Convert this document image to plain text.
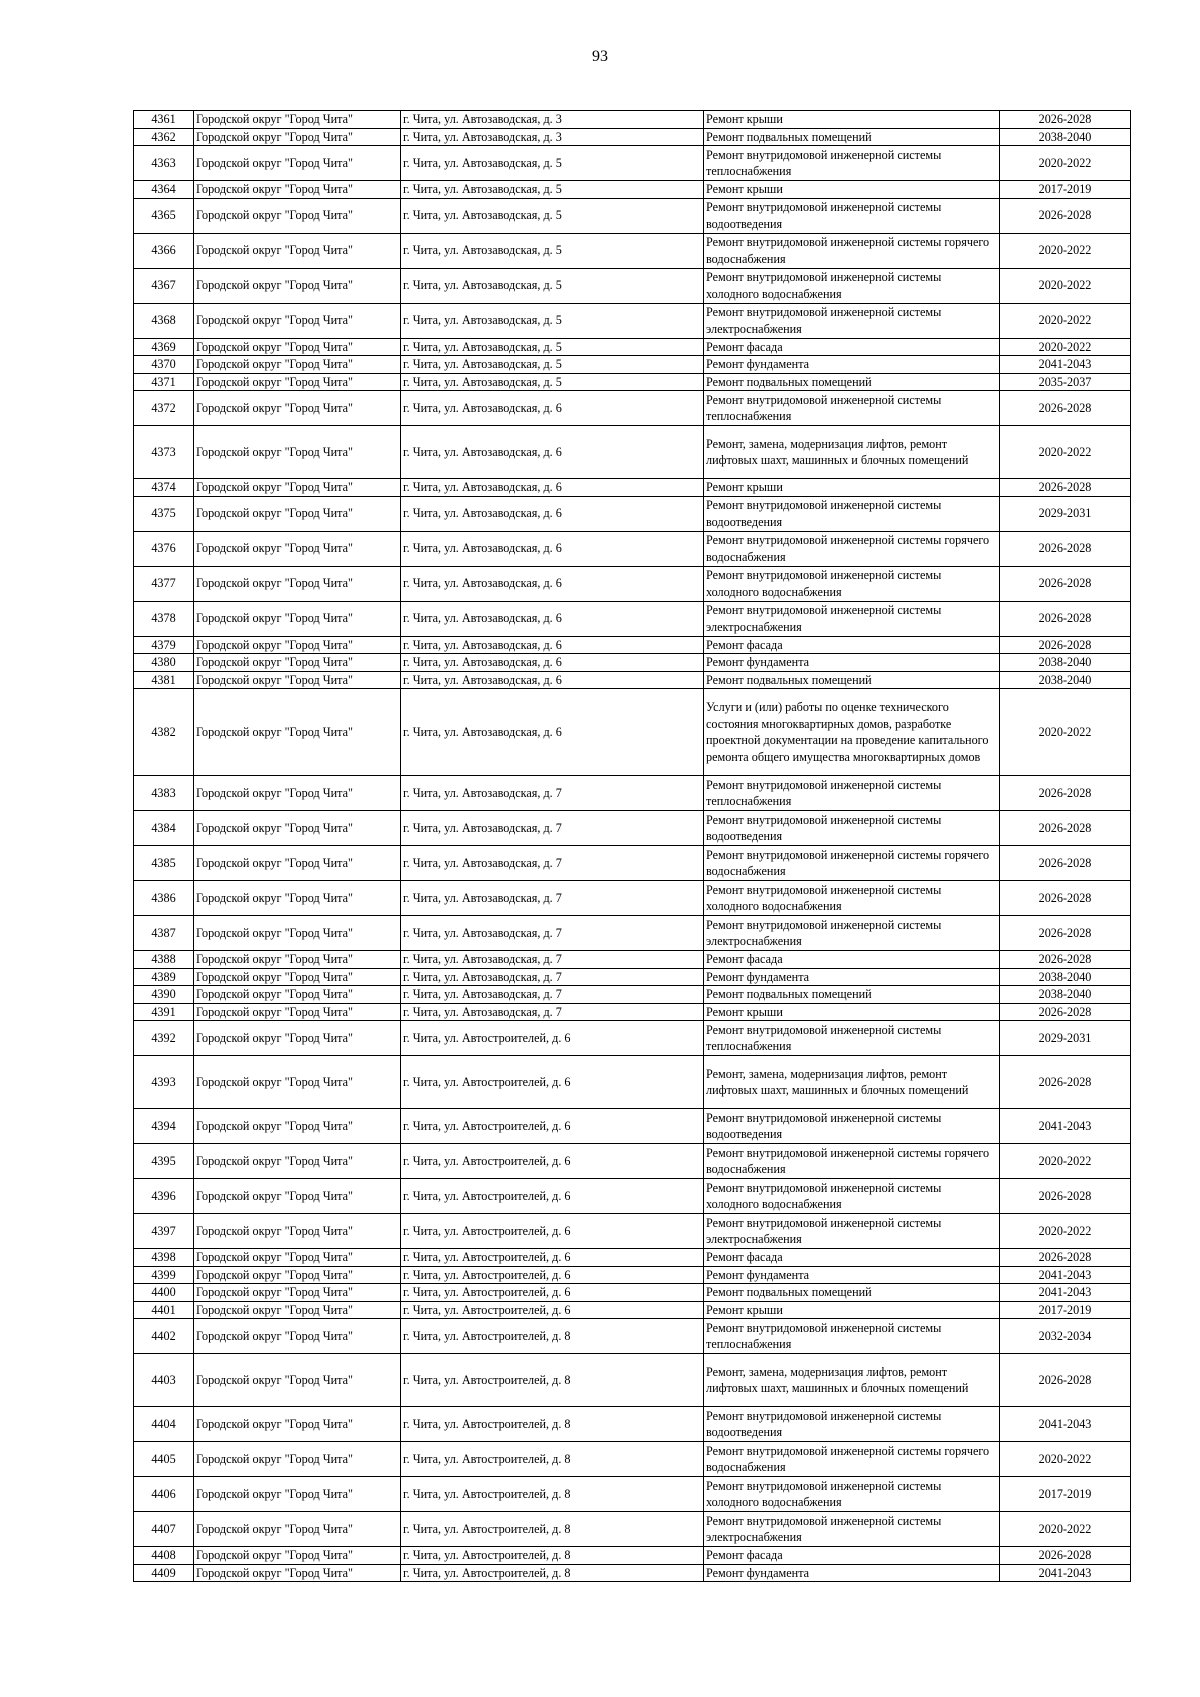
93
4361	Городской округ "Город Чита"	г. Чита, ул. Автозаводская, д. 3	Ремонт крыши	2026-2028
4362	Городской округ "Город Чита"	г. Чита, ул. Автозаводская, д. 3	Ремонт подвальных помещений	2038-2040
4363	Городской округ "Город Чита"	г. Чита, ул. Автозаводская, д. 5	Ремонт внутридомовой инженерной системы теплоснабжения	2020-2022
4364	Городской округ "Город Чита"	г. Чита, ул. Автозаводская, д. 5	Ремонт крыши	2017-2019
4365	Городской округ "Город Чита"	г. Чита, ул. Автозаводская, д. 5	Ремонт внутридомовой инженерной системы водоотведения	2026-2028
4366	Городской округ "Город Чита"	г. Чита, ул. Автозаводская, д. 5	Ремонт внутридомовой инженерной системы горячего водоснабжения	2020-2022
4367	Городской округ "Город Чита"	г. Чита, ул. Автозаводская, д. 5	Ремонт внутридомовой инженерной системы холодного водоснабжения	2020-2022
4368	Городской округ "Город Чита"	г. Чита, ул. Автозаводская, д. 5	Ремонт внутридомовой инженерной системы электроснабжения	2020-2022
4369	Городской округ "Город Чита"	г. Чита, ул. Автозаводская, д. 5	Ремонт фасада	2020-2022
4370	Городской округ "Город Чита"	г. Чита, ул. Автозаводская, д. 5	Ремонт фундамента	2041-2043
4371	Городской округ "Город Чита"	г. Чита, ул. Автозаводская, д. 5	Ремонт подвальных помещений	2035-2037
4372	Городской округ "Город Чита"	г. Чита, ул. Автозаводская, д. 6	Ремонт внутридомовой инженерной системы теплоснабжения	2026-2028
4373	Городской округ "Город Чита"	г. Чита, ул. Автозаводская, д. 6	Ремонт, замена, модернизация лифтов, ремонт лифтовых шахт, машинных и блочных помещений	2020-2022
4374	Городской округ "Город Чита"	г. Чита, ул. Автозаводская, д. 6	Ремонт крыши	2026-2028
4375	Городской округ "Город Чита"	г. Чита, ул. Автозаводская, д. 6	Ремонт внутридомовой инженерной системы водоотведения	2029-2031
4376	Городской округ "Город Чита"	г. Чита, ул. Автозаводская, д. 6	Ремонт внутридомовой инженерной системы горячего водоснабжения	2026-2028
4377	Городской округ "Город Чита"	г. Чита, ул. Автозаводская, д. 6	Ремонт внутридомовой инженерной системы холодного водоснабжения	2026-2028
4378	Городской округ "Город Чита"	г. Чита, ул. Автозаводская, д. 6	Ремонт внутридомовой инженерной системы электроснабжения	2026-2028
4379	Городской округ "Город Чита"	г. Чита, ул. Автозаводская, д. 6	Ремонт фасада	2026-2028
4380	Городской округ "Город Чита"	г. Чита, ул. Автозаводская, д. 6	Ремонт фундамента	2038-2040
4381	Городской округ "Город Чита"	г. Чита, ул. Автозаводская, д. 6	Ремонт подвальных помещений	2038-2040
4382	Городской округ "Город Чита"	г. Чита, ул. Автозаводская, д. 6	Услуги и (или) работы по оценке технического состояния многоквартирных домов, разработке проектной документации на проведение капитального ремонта общего имущества многоквартирных домов	2020-2022
4383	Городской округ "Город Чита"	г. Чита, ул. Автозаводская, д. 7	Ремонт внутридомовой инженерной системы теплоснабжения	2026-2028
4384	Городской округ "Город Чита"	г. Чита, ул. Автозаводская, д. 7	Ремонт внутридомовой инженерной системы водоотведения	2026-2028
4385	Городской округ "Город Чита"	г. Чита, ул. Автозаводская, д. 7	Ремонт внутридомовой инженерной системы горячего водоснабжения	2026-2028
4386	Городской округ "Город Чита"	г. Чита, ул. Автозаводская, д. 7	Ремонт внутридомовой инженерной системы холодного водоснабжения	2026-2028
4387	Городской округ "Город Чита"	г. Чита, ул. Автозаводская, д. 7	Ремонт внутридомовой инженерной системы электроснабжения	2026-2028
4388	Городской округ "Город Чита"	г. Чита, ул. Автозаводская, д. 7	Ремонт фасада	2026-2028
4389	Городской округ "Город Чита"	г. Чита, ул. Автозаводская, д. 7	Ремонт фундамента	2038-2040
4390	Городской округ "Город Чита"	г. Чита, ул. Автозаводская, д. 7	Ремонт подвальных помещений	2038-2040
4391	Городской округ "Город Чита"	г. Чита, ул. Автозаводская, д. 7	Ремонт крыши	2026-2028
4392	Городской округ "Город Чита"	г. Чита, ул. Автостроителей, д. 6	Ремонт внутридомовой инженерной системы теплоснабжения	2029-2031
4393	Городской округ "Город Чита"	г. Чита, ул. Автостроителей, д. 6	Ремонт, замена, модернизация лифтов, ремонт лифтовых шахт, машинных и блочных помещений	2026-2028
4394	Городской округ "Город Чита"	г. Чита, ул. Автостроителей, д. 6	Ремонт внутридомовой инженерной системы водоотведения	2041-2043
4395	Городской округ "Город Чита"	г. Чита, ул. Автостроителей, д. 6	Ремонт внутридомовой инженерной системы горячего водоснабжения	2020-2022
4396	Городской округ "Город Чита"	г. Чита, ул. Автостроителей, д. 6	Ремонт внутридомовой инженерной системы холодного водоснабжения	2026-2028
4397	Городской округ "Город Чита"	г. Чита, ул. Автостроителей, д. 6	Ремонт внутридомовой инженерной системы электроснабжения	2020-2022
4398	Городской округ "Город Чита"	г. Чита, ул. Автостроителей, д. 6	Ремонт фасада	2026-2028
4399	Городской округ "Город Чита"	г. Чита, ул. Автостроителей, д. 6	Ремонт фундамента	2041-2043
4400	Городской округ "Город Чита"	г. Чита, ул. Автостроителей, д. 6	Ремонт подвальных помещений	2041-2043
4401	Городской округ "Город Чита"	г. Чита, ул. Автостроителей, д. 6	Ремонт крыши	2017-2019
4402	Городской округ "Город Чита"	г. Чита, ул. Автостроителей, д. 8	Ремонт внутридомовой инженерной системы теплоснабжения	2032-2034
4403	Городской округ "Город Чита"	г. Чита, ул. Автостроителей, д. 8	Ремонт, замена, модернизация лифтов, ремонт лифтовых шахт, машинных и блочных помещений	2026-2028
4404	Городской округ "Город Чита"	г. Чита, ул. Автостроителей, д. 8	Ремонт внутридомовой инженерной системы водоотведения	2041-2043
4405	Городской округ "Город Чита"	г. Чита, ул. Автостроителей, д. 8	Ремонт внутридомовой инженерной системы горячего водоснабжения	2020-2022
4406	Городской округ "Город Чита"	г. Чита, ул. Автостроителей, д. 8	Ремонт внутридомовой инженерной системы холодного водоснабжения	2017-2019
4407	Городской округ "Город Чита"	г. Чита, ул. Автостроителей, д. 8	Ремонт внутридомовой инженерной системы электроснабжения	2020-2022
4408	Городской округ "Город Чита"	г. Чита, ул. Автостроителей, д. 8	Ремонт фасада	2026-2028
4409	Городской округ "Город Чита"	г. Чита, ул. Автостроителей, д. 8	Ремонт фундамента	2041-2043
